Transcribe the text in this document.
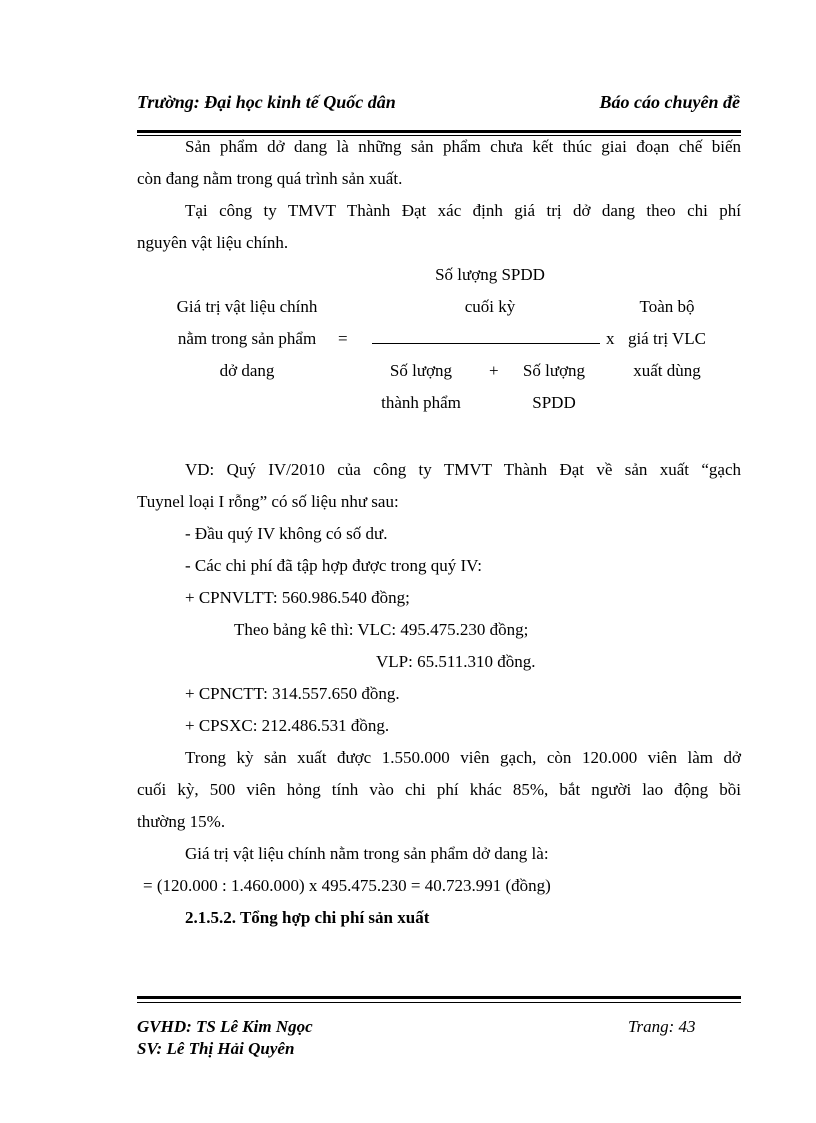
Trường: Đại học kinh tế Quốc dân	Báo cáo chuyên đề
Sản phẩm dở dang là những sản phẩm chưa kết thúc giai đoạn chế biến
còn đang nằm trong quá trình sản xuất.
Tại công ty TMVT Thành Đạt xác định giá trị dở dang theo chi phí
nguyên vật liệu chính.
Số lượng SPDD
cuối kỳ
Giá trị vật liệu chính
nằm trong sản phẩm
dở dang
=	x
Toàn bộ
giá trị VLC
xuất dùng
Số lượng
thành phẩm
+	Số lượng
SPDD
VD: Quý IV/2010 của công ty TMVT Thành Đạt về sản xuất “gạch
Tuynel loại I rỗng” có số liệu như sau:
- Đầu quý IV không có số dư.
- Các chi phí đã tập hợp được trong quý IV:
+ CPNVLTT: 560.986.540 đồng;
Theo bảng kê thì: VLC: 495.475.230 đồng;
VLP: 65.511.310 đồng.
+ CPNCTT: 314.557.650 đồng.
+ CPSXC: 212.486.531 đồng.
Trong kỳ sản xuất được 1.550.000 viên gạch, còn 120.000 viên làm dở
cuối kỳ, 500 viên hỏng tính vào chi phí khác 85%, bắt người lao động bồi
thường 15%.
Giá trị vật liệu chính nằm trong sản phẩm dở dang là:
= (120.000 : 1.460.000) x 495.475.230 = 40.723.991 (đồng)
2.1.5.2. Tổng hợp chi phí sản xuất
GVHD: TS Lê Kim Ngọc
SV: Lê Thị Hải Quyên
Trang: 43
